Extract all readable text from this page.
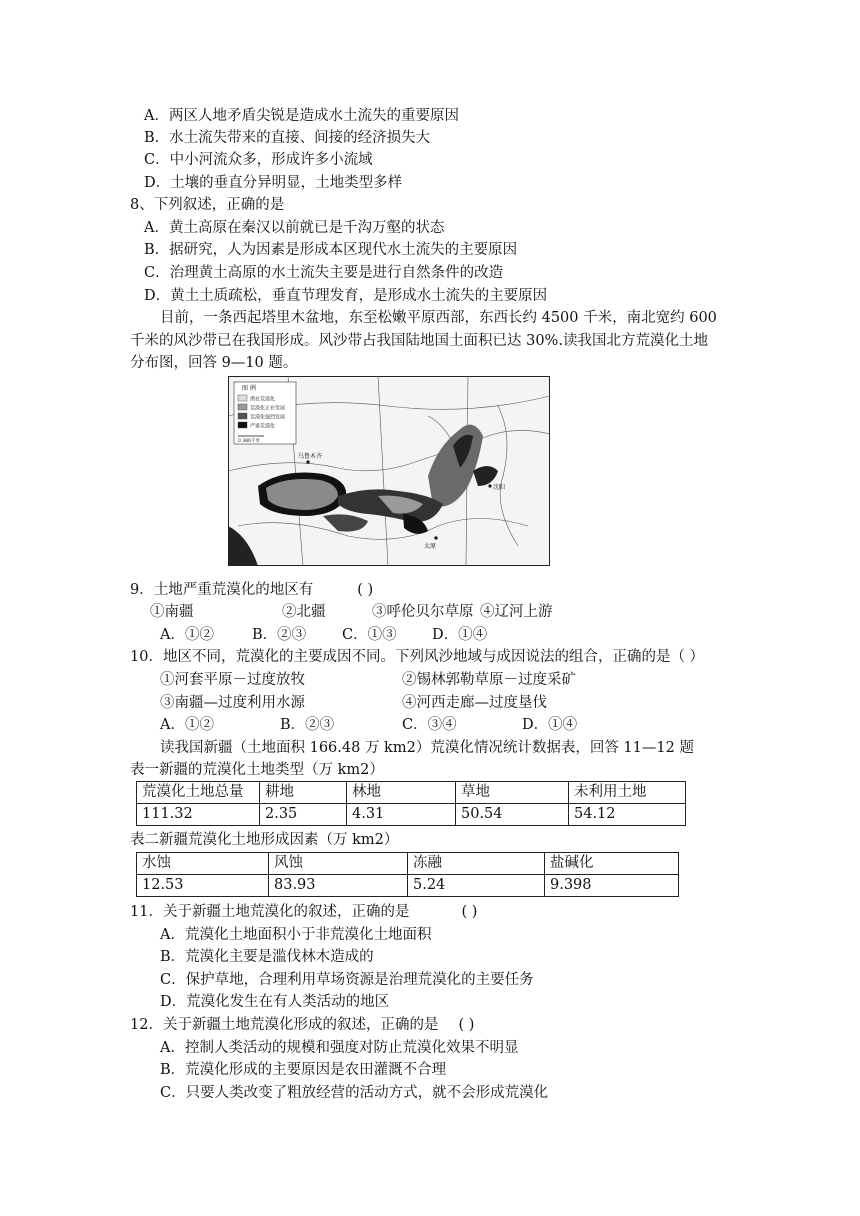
A．两区人地矛盾尖锐是造成水土流失的重要原因
B．水土流失带来的直接、间接的经济损失大
C．中小河流众多，形成许多小流域
D．土壤的垂直分异明显，土地类型多样
8、下列叙述，正确的是
A．黄土高原在秦汉以前就已是千沟万壑的状态
B．据研究，人为因素是形成本区现代水土流失的主要原因
C．治理黄土高原的水土流失主要是进行自然条件的改造
D．黄土土质疏松，垂直节理发育，是形成水土流失的主要原因
目前，一条西起塔里木盆地，东至松嫩平原西部，东西长约 4500 千米，南北宽约 600
千米的风沙带已在我国形成。风沙带占我国陆地国土面积已达 30%.读我国北方荒漠化土地
分布图，回答 9—10 题。
图 例
潜在荒漠化
荒漠化正在发展
荒漠化强烈发展
严重荒漠化
0 380千米
乌鲁木齐
沈阳
太原
9．土地严重荒漠化的地区有	( )
①南疆	②北疆	③呼伦贝尔草原 ④辽河上游
A．①②	B．②③ C．①③ D．①④
10．地区不同，荒漠化的主要成因不同。下列风沙地域与成因说法的组合，正确的是（ ）
①河套平原－过度放牧	②锡林郭勒草原－过度采矿
③南疆—过度利用水源	④河西走廊—过度垦伐
A．①②	B．②③	C．③④	D．①④
读我国新疆（土地面积 166.48 万 km2）荒漠化情况统计数据表，回答 11—12 题
表一新疆的荒漠化土地类型（万 km2）
荒漠化土地总量	耕地	林地	草地	未利用土地
111.32	2.35	4.31	50.54	54.12
表二新疆荒漠化土地形成因素（万 km2）
水蚀	风蚀	冻融	盐碱化
12.53	83.93	5.24	9.398
11．关于新疆土地荒漠化的叙述，正确的是	( )
A．荒漠化土地面积小于非荒漠化土地面积
B．荒漠化主要是滥伐林木造成的
C．保护草地，合理利用草场资源是治理荒漠化的主要任务
D．荒漠化发生在有人类活动的地区
12．关于新疆土地荒漠化形成的叙述，正确的是 ( )
A．控制人类活动的规模和强度对防止荒漠化效果不明显
B．荒漠化形成的主要原因是农田灌溉不合理
C．只要人类改变了粗放经营的活动方式，就不会形成荒漠化
